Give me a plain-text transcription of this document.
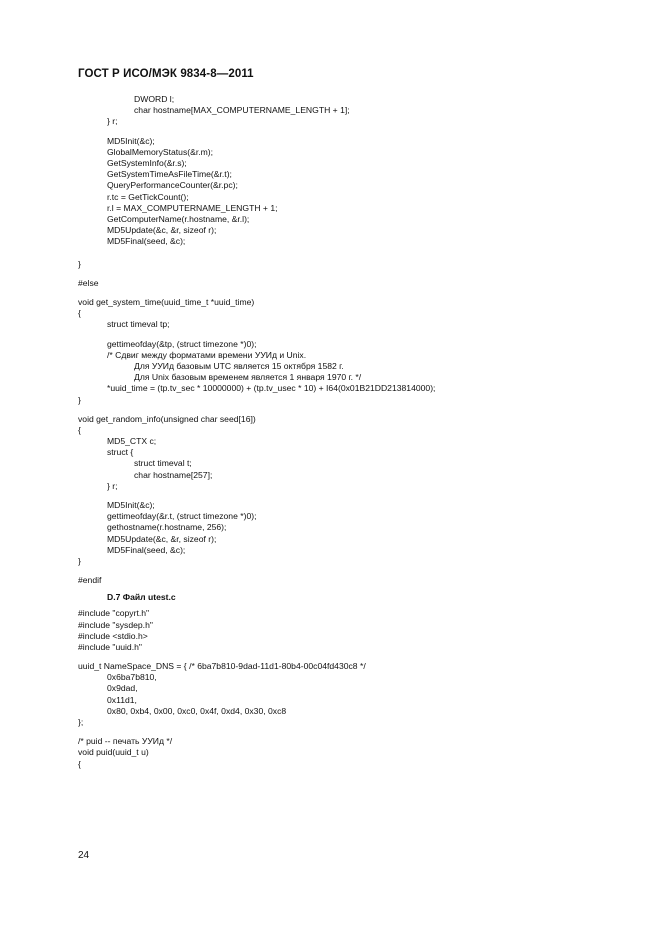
ГОСТ Р ИСО/МЭК 9834-8—2011
DWORD l;
char hostname[MAX_COMPUTERNAME_LENGTH + 1];
} r;
MD5Init(&c);
GlobalMemoryStatus(&r.m);
GetSystemInfo(&r.s);
GetSystemTimeAsFileTime(&r.t);
QueryPerformanceCounter(&r.pc);
r.tc = GetTickCount();
r.l = MAX_COMPUTERNAME_LENGTH + 1;
GetComputerName(r.hostname, &r.l);
MD5Update(&c, &r, sizeof r);
MD5Final(seed, &c);
}
#else
void get_system_time(uuid_time_t *uuid_time)
{
struct timeval tp;
gettimeofday(&tp, (struct timezone *)0);
/* Сдвиг между форматами времени УУИд и Unix.
Для УУИд базовым UTC является 15 октября 1582 г.
Для Unix базовым временем является 1 января 1970 г. */
*uuid_time = (tp.tv_sec * 10000000) + (tp.tv_usec * 10) + I64(0x01B21DD213814000);
}
void get_random_info(unsigned char seed[16])
{
MD5_CTX c;
struct {
struct timeval t;
char hostname[257];
} r;
MD5Init(&c);
gettimeofday(&r.t, (struct timezone *)0);
gethostname(r.hostname, 256);
MD5Update(&c, &r, sizeof r);
MD5Final(seed, &c);
}
#endif
D.7 Файл utest.c
#include "copyrt.h"
#include "sysdep.h"
#include <stdio.h>
#include "uuid.h"
uuid_t NameSpace_DNS = { /* 6ba7b810-9dad-11d1-80b4-00c04fd430c8 */
0x6ba7b810,
0x9dad,
0x11d1,
0x80, 0xb4, 0x00, 0xc0, 0x4f, 0xd4, 0x30, 0xc8
};
/* puid -- печать УУИд */
void puid(uuid_t u)
{
24
